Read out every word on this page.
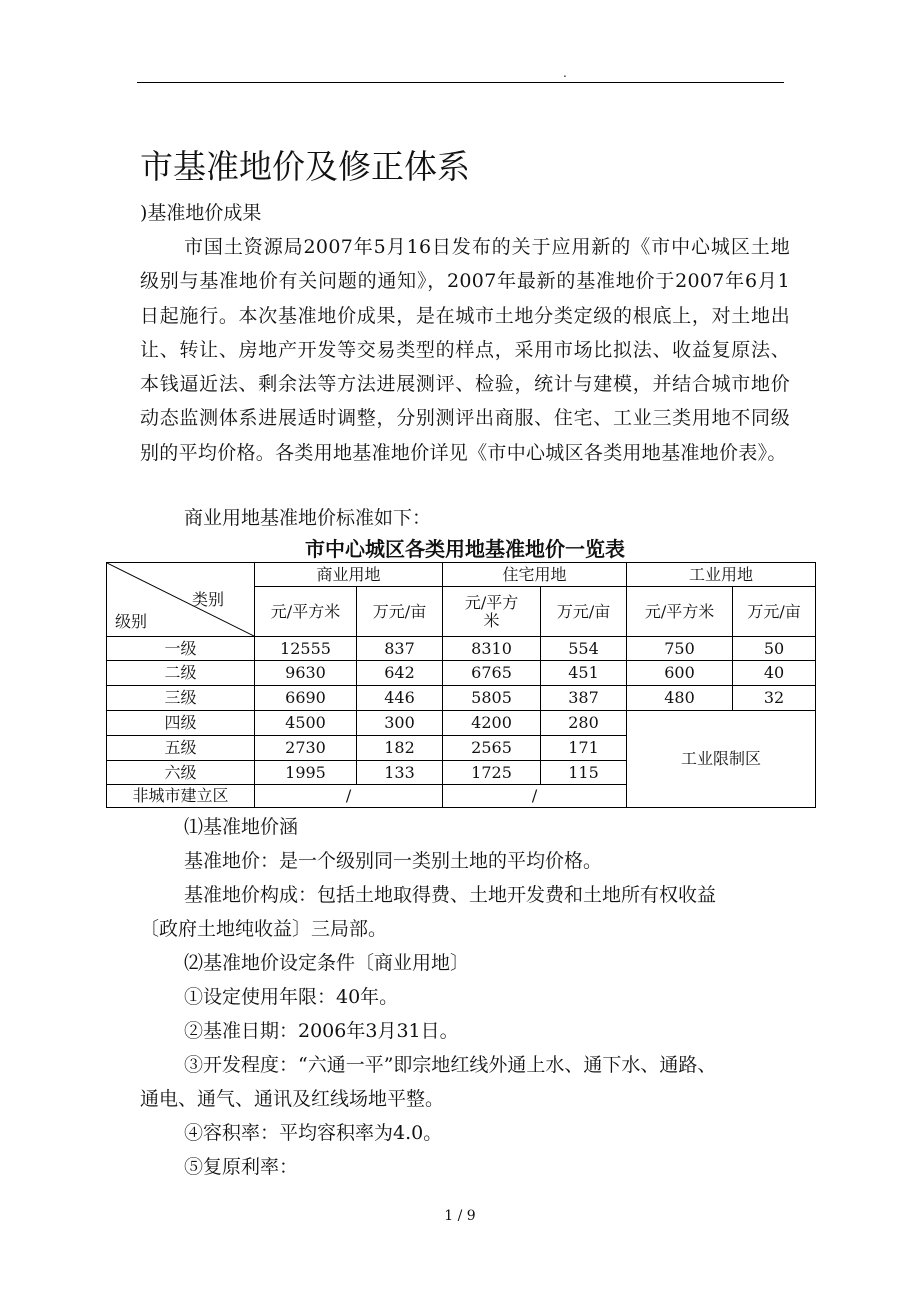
.
市基准地价及修正体系
)基准地价成果
市国土资源局2007年5月16日发布的关于应用新的《市中心城区土地级别与基准地价有关问题的通知》，2007年最新的基准地价于2007年6月1日起施行。本次基准地价成果，是在城市土地分类定级的根底上，对土地出让、转让、房地产开发等交易类型的样点，采用市场比拟法、收益复原法、本钱逼近法、剩余法等方法进展测评、检验，统计与建模，并结合城市地价动态监测体系进展适时调整，分别测评出商服、住宅、工业三类用地不同级别的平均价格。各类用地基准地价详见《市中心城区各类用地基准地价表》。
商业用地基准地价标准如下：
市中心城区各类用地基准地价一览表
类别
级别	商业用地		住宅用地		工业用地	
	元/平方米	万元/亩	元/平方米	万元/亩	元/平方米	万元/亩
一级	12555	837	8310	554	750	50
二级	9630	642	6765	451	600	40
三级	6690	446	5805	387	480	32
四级	4500	300	4200	280	工业限制区	
五级	2730	182	2565	171		
六级	1995	133	1725	115		
非城市建立区	/		/			
⑴基准地价涵
基准地价：是一个级别同一类别土地的平均价格。
基准地价构成：包括土地取得费、土地开发费和土地所有权收益
〔政府土地纯收益〕三局部。
⑵基准地价设定条件〔商业用地〕
①设定使用年限：40年。
②基准日期：2006年3月31日。
③开发程度：“六通一平”即宗地红线外通上水、通下水、通路、
通电、通气、通讯及红线场地平整。
④容积率：平均容积率为4.0。
⑤复原利率：
1 / 9
